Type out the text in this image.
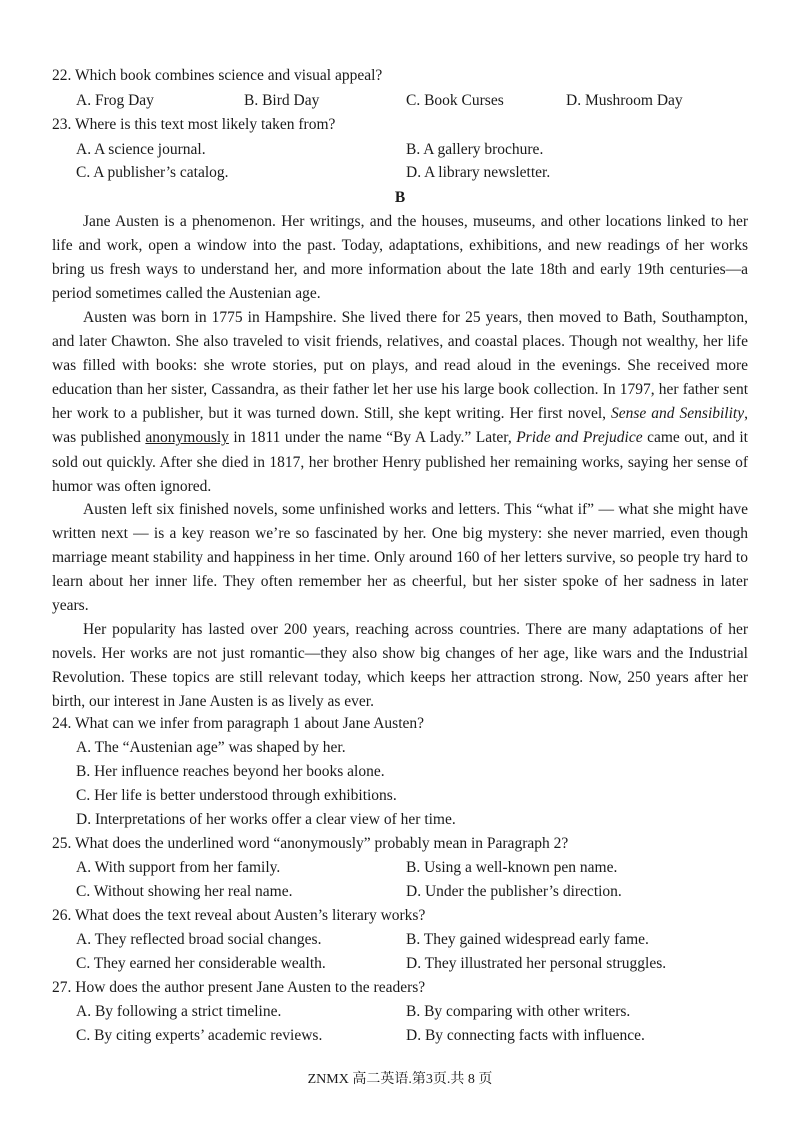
22. Which book combines science and visual appeal?
A. Frog Day	B. Bird Day	C. Book Curses	D. Mushroom Day
23. Where is this text most likely taken from?
A. A science journal.	B. A gallery brochure.
C. A publisher’s catalog.	D. A library newsletter.
B

Jane Austen is a phenomenon. Her writings, and the houses, museums, and other locations linked to her life and work, open a window into the past. Today, adaptations, exhibitions, and new readings of her works bring us fresh ways to understand her, and more information about the late 18th and early 19th centuries—a period sometimes called the Austenian age.

Austen was born in 1775 in Hampshire. She lived there for 25 years, then moved to Bath, Southampton, and later Chawton. She also traveled to visit friends, relatives, and coastal places. Though not wealthy, her life was filled with books: she wrote stories, put on plays, and read aloud in the evenings. She received more education than her sister, Cassandra, as their father let her use his large book collection. In 1797, her father sent her work to a publisher, but it was turned down. Still, she kept writing. Her first novel, Sense and Sensibility, was published anonymously in 1811 under the name “By A Lady.” Later, Pride and Prejudice came out, and it sold out quickly. After she died in 1817, her brother Henry published her remaining works, saying her sense of humor was often ignored.

Austen left six finished novels, some unfinished works and letters. This “what if” — what she might have written next — is a key reason we’re so fascinated by her. One big mystery: she never married, even though marriage meant stability and happiness in her time. Only around 160 of her letters survive, so people try hard to learn about her inner life. They often remember her as cheerful, but her sister spoke of her sadness in later years.

Her popularity has lasted over 200 years, reaching across countries. There are many adaptations of her novels. Her works are not just romantic—they also show big changes of her age, like wars and the Industrial Revolution. These topics are still relevant today, which keeps her attraction strong. Now, 250 years after her birth, our interest in Jane Austen is as lively as ever.

24. What can we infer from paragraph 1 about Jane Austen?
A. The “Austenian age” was shaped by her.
B. Her influence reaches beyond her books alone.
C. Her life is better understood through exhibitions.
D. Interpretations of her works offer a clear view of her time.
25. What does the underlined word “anonymously” probably mean in Paragraph 2?
A. With support from her family.	B. Using a well-known pen name.
C. Without showing her real name.	D. Under the publisher’s direction.
26. What does the text reveal about Austen’s literary works?
A. They reflected broad social changes.	B. They gained widespread early fame.
C. They earned her considerable wealth.	D. They illustrated her personal struggles.
27. How does the author present Jane Austen to the readers?
A. By following a strict timeline.	B. By comparing with other writers.
C. By citing experts’ academic reviews.	D. By connecting facts with influence.
ZNMX 高二英语.第3页.共 8 页
